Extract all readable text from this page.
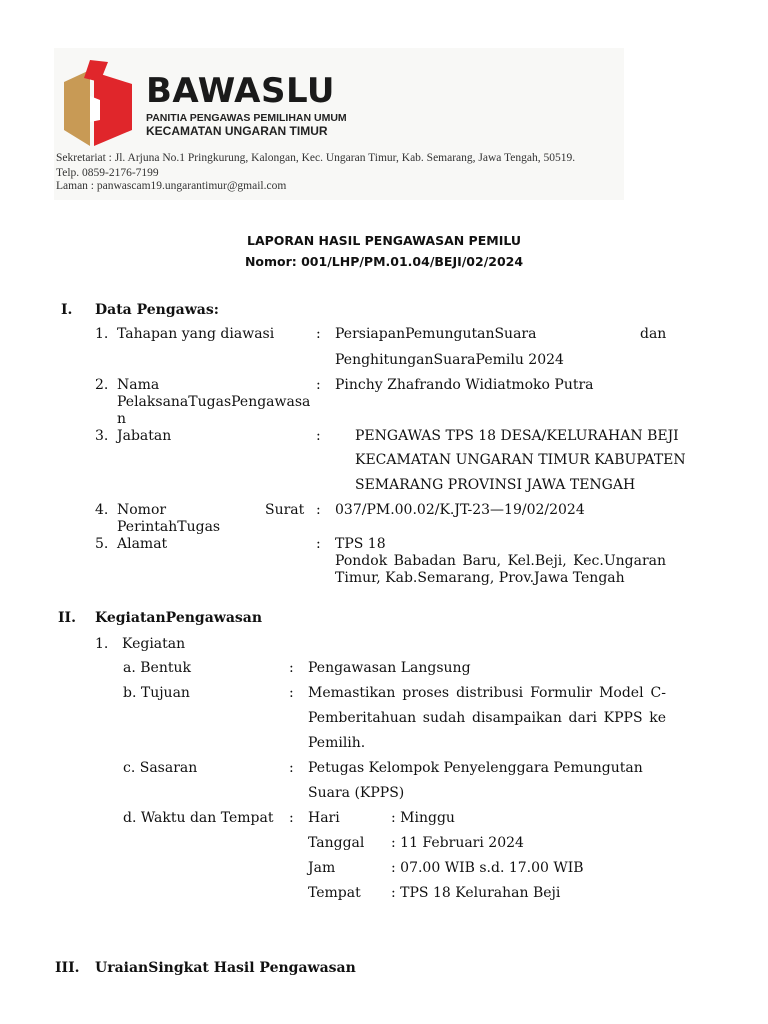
BAWASLU

PANITIA PENGAWAS PEMILIHAN UMUM

KECAMATAN UNGARAN TIMUR

Sekretariat : Jl. Arjuna No.1 Pringkurung, Kalongan, Kec. Ungaran Timur, Kab. Semarang, Jawa Tengah, 50519.
Telp. 0859-2176-7199
Laman : panwascam19.ungarantimur@gmail.com
LAPORAN HASIL PENGAWASAN PEMILU
Nomor: 001/LHP/PM.01.04/BEJI/02/2024
I. Data Pengawas:
1. Tahapan yang diawasi	: PersiapanPemungutanSuara	dan
PenghitunganSuaraPemilu 2024
2. Nama
PelaksanaTugasPengawasa
n
: Pinchy Zhafrando Widiatmoko Putra
3. Jabatan	: PENGAWAS TPS 18 DESA/KELURAHAN BEJI
KECAMATAN UNGARAN TIMUR KABUPATEN
SEMARANG PROVINSI JAWA TENGAH
4. Nomor	Surat
PerintahTugas
: 037/PM.00.02/K.JT-23—19/02/2024
5. Alamat	: TPS 18
Pondok Babadan Baru, Kel.Beji, Kec.Ungaran
Timur, Kab.Semarang, Prov.Jawa Tengah
II. KegiatanPengawasan
1. Kegiatan
a. Bentuk	: Pengawasan Langsung
b. Tujuan	: Memastikan proses distribusi Formulir Model C-
Pemberitahuan sudah disampaikan dari KPPS ke
Pemilih.
c. Sasaran	: Petugas Kelompok Penyelenggara Pemungutan
Suara (KPPS)
d. Waktu dan Tempat : Hari	: Minggu
Tanggal : 11 Februari 2024
Jam	: 07.00 WIB s.d. 17.00 WIB
Tempat : TPS 18 Kelurahan Beji
III. UraianSingkat Hasil Pengawasan
